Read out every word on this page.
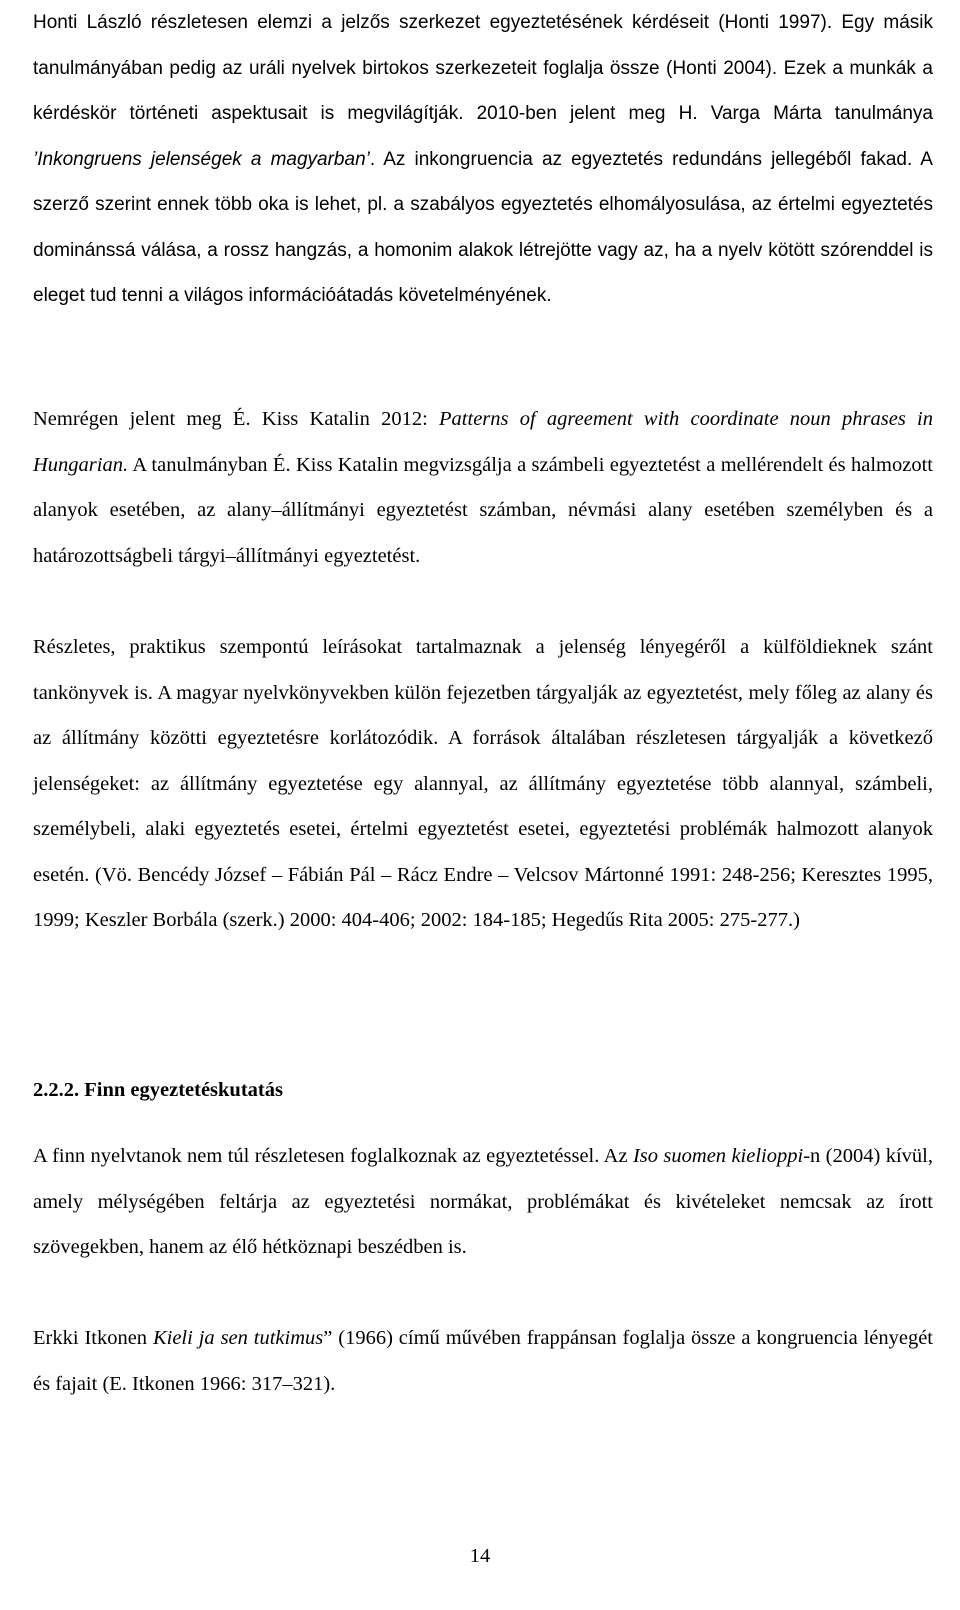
Honti László részletesen elemzi a jelzős szerkezet egyeztetésének kérdéseit (Honti 1997). Egy másik tanulmányában pedig az uráli nyelvek birtokos szerkezeteit foglalja össze (Honti 2004). Ezek a munkák a kérdéskör történeti aspektusait is megvilágítják. 2010-ben jelent meg H. Varga Márta tanulmánya ’Inkongruens jelenségek a magyarban’. Az inkongruencia az egyeztetés redundáns jellegéből fakad. A szerző szerint ennek több oka is lehet, pl. a szabályos egyeztetés elhomályosulása, az értelmi egyeztetés dominánssá válása, a rossz hangzás, a homonim alakok létrejötte vagy az, ha a nyelv kötött szórenddel is eleget tud tenni a világos információátadás követelményének.

Nemrégen jelent meg É. Kiss Katalin 2012: Patterns of agreement with coordinate noun phrases in Hungarian. A tanulmányban É. Kiss Katalin megvizsgálja a számbeli egyeztetést a mellérendelt és halmozott alanyok esetében, az alany–állítmányi egyeztetést számban, névmási alany esetében személyben és a határozottságbeli tárgyi–állítmányi egyeztetést.

Részletes, praktikus szempontú leírásokat tartalmaznak a jelenség lényegéről a külföldieknek szánt tankönyvek is. A magyar nyelvkönyvekben külön fejezetben tárgyalják az egyeztetést, mely főleg az alany és az állítmány közötti egyeztetésre korlátozódik. A források általában részletesen tárgyalják a következő jelenségeket: az állítmány egyeztetése egy alannyal, az állítmány egyeztetése több alannyal, számbeli, személybeli, alaki egyeztetés esetei, értelmi egyeztetést esetei, egyeztetési problémák halmozott alanyok esetén. (Vö. Bencédy József – Fábián Pál – Rácz Endre – Velcsov Mártonné 1991: 248-256; Keresztes 1995, 1999; Keszler Borbála (szerk.) 2000: 404-406; 2002: 184-185; Hegedűs Rita 2005: 275-277.)

2.2.2. Finn egyeztetéskutatás

A finn nyelvtanok nem túl részletesen foglalkoznak az egyeztetéssel. Az Iso suomen kielioppi-n (2004) kívül, amely mélységében feltárja az egyeztetési normákat, problémákat és kivételeket nemcsak az írott szövegekben, hanem az élő hétköznapi beszédben is.

Erkki Itkonen Kieli ja sen tutkimus” (1966) című művében frappánsan foglalja össze a kongruencia lényegét és fajait (E. Itkonen 1966: 317–321).

14
